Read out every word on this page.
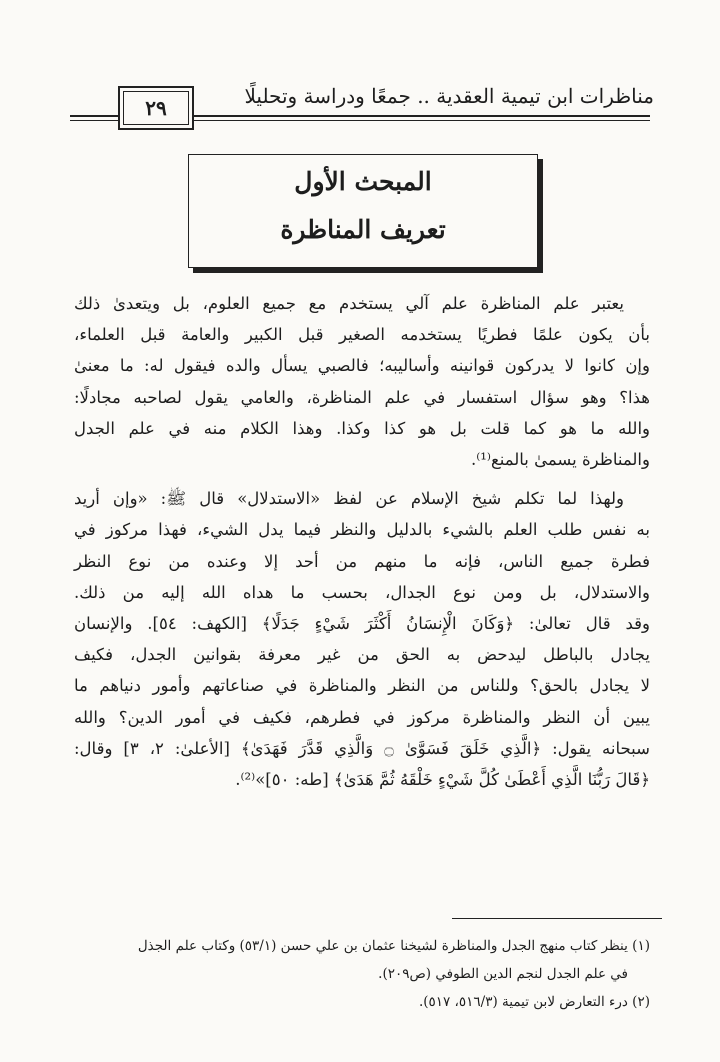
مناظرات ابن تيمية العقدية .. جمعًا ودراسة وتحليلًا
٢٩
المبحث الأول
تعريف المناظرة

يعتبر علم المناظرة علم آلي يستخدم مع جميع العلوم، بل ويتعدىٰ ذلك

بأن يكون علمًا فطريًا يستخدمه الصغير قبل الكبير والعامة قبل العلماء،

وإن كانوا لا يدركون قوانينه وأساليبه؛ فالصبي يسأل والده فيقول له: ما معنىٰ

هذا؟ وهو سؤال استفسار في علم المناظرة، والعامي يقول لصاحبه مجادلًا:

والله ما هو كما قلت بل هو كذا وكذا. وهذا الكلام منه في علم الجدل

والمناظرة يسمىٰ بالمنع⁽¹⁾.

ولهذا لما تكلم شيخ الإسلام عن لفظ «الاستدلال» قال ﷺ: «وإن أريد

به نفس طلب العلم بالشيء بالدليل والنظر فيما يدل الشيء، فهذا مركوز في

فطرة جميع الناس، فإنه ما منهم من أحد إلا وعنده من نوع النظر

والاستدلال، بل ومن نوع الجدال، بحسب ما هداه الله إليه من ذلك.

وقد قال تعالىٰ: ﴿وَكَانَ الْإِنسَانُ أَكْثَرَ شَيْءٍ جَدَلًا﴾ [الكهف: ٥٤]. والإنسان

يجادل بالباطل ليدحض به الحق من غير معرفة بقوانين الجدل، فكيف

لا يجادل بالحق؟ وللناس من النظر والمناظرة في صناعاتهم وأمور دنياهم ما

يبين أن النظر والمناظرة مركوز في فطرهم، فكيف في أمور الدين؟ والله

سبحانه يقول: ﴿الَّذِي خَلَقَ فَسَوَّىٰ ۝ وَالَّذِي قَدَّرَ فَهَدَىٰ﴾ [الأعلىٰ: ٢، ٣] وقال:

﴿قَالَ رَبُّنَا الَّذِي أَعْطَىٰ كُلَّ شَيْءٍ خَلْقَهُ ثُمَّ هَدَىٰ﴾ [طه: ٥٠]»⁽²⁾.

(١) ينظر كتاب منهج الجدل والمناظرة لشيخنا عثمان بن علي حسن (٥٣/١) وكتاب علم الجذل

في علم الجدل لنجم الدين الطوفي (ص٢٠٩).

(٢) درء التعارض لابن تيمية (٥١٦/٣، ٥١٧).
